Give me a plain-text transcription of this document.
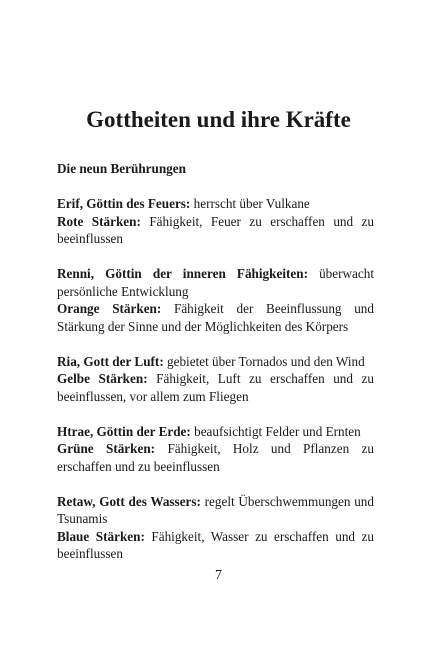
Gottheiten und ihre Kräfte
Die neun Berührungen
Erif, Göttin des Feuers: herrscht über Vulkane
Rote Stärken: Fähigkeit, Feuer zu erschaffen und zu beeinflussen
Renni, Göttin der inneren Fähigkeiten: überwacht persönliche Entwicklung
Orange Stärken: Fähigkeit der Beeinflussung und Stärkung der Sinne und der Möglichkeiten des Körpers
Ria, Gott der Luft: gebietet über Tornados und den Wind
Gelbe Stärken: Fähigkeit, Luft zu erschaffen und zu beeinflussen, vor allem zum Fliegen
Htrae, Göttin der Erde: beaufsichtigt Felder und Ernten
Grüne Stärken: Fähigkeit, Holz und Pflanzen zu erschaffen und zu beeinflussen
Retaw, Gott des Wassers: regelt Überschwemmungen und Tsunamis
Blaue Stärken: Fähigkeit, Wasser zu erschaffen und zu beeinflussen
7
